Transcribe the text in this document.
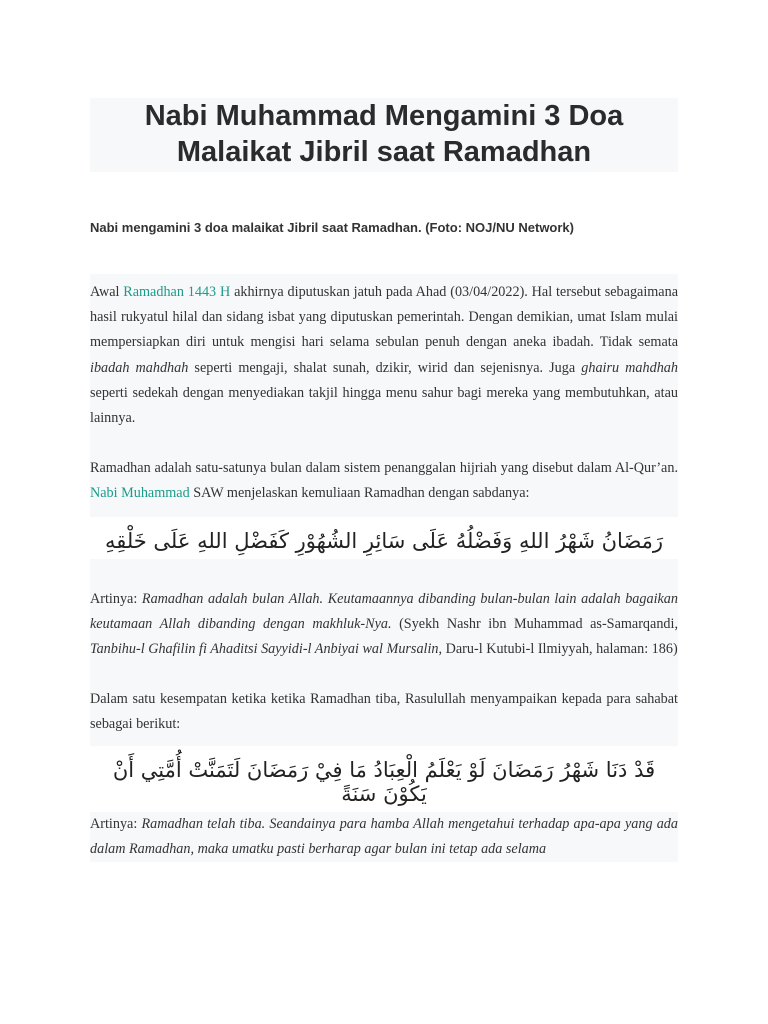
Nabi Muhammad Mengamini 3 Doa Malaikat Jibril saat Ramadhan
Nabi mengamini 3 doa malaikat Jibril saat Ramadhan. (Foto: NOJ/NU Network)

Awal Ramadhan 1443 H akhirnya diputuskan jatuh pada Ahad (03/04/2022). Hal tersebut sebagaimana hasil rukyatul hilal dan sidang isbat yang diputuskan pemerintah. Dengan demikian, umat Islam mulai mempersiapkan diri untuk mengisi hari selama sebulan penuh dengan aneka ibadah. Tidak semata ibadah mahdhah seperti mengaji, shalat sunah, dzikir, wirid dan sejenisnya. Juga ghairu mahdhah seperti sedekah dengan menyediakan takjil hingga menu sahur bagi mereka yang membutuhkan, atau lainnya.

Ramadhan adalah satu-satunya bulan dalam sistem penanggalan hijriah yang disebut dalam Al-Qur’an. Nabi Muhammad SAW menjelaskan kemuliaan Ramadhan dengan sabdanya:

رَمَضَانُ شَهْرُ اللهِ وَفَضْلُهُ عَلَى سَائِرِ الشُهُوْرِ كَفَضْلِ اللهِ عَلَى خَلْقِهِ

Artinya: Ramadhan adalah bulan Allah. Keutamaannya dibanding bulan-bulan lain adalah bagaikan keutamaan Allah dibanding dengan makhluk-Nya. (Syekh Nashr ibn Muhammad as-Samarqandi, Tanbihu-l Ghafilin fi Ahaditsi Sayyidi-l Anbiyai wal Mursalin, Daru-l Kutubi-l Ilmiyyah, halaman: 186)

Dalam satu kesempatan ketika ketika Ramadhan tiba, Rasulullah menyampaikan kepada para sahabat sebagai berikut:

قَدْ دَنَا شَهْرُ رَمَضَانَ لَوْ يَعْلَمُ الْعِبَادُ مَا فِيْ رَمَضَانَ لَتَمَنَّتْ أُمَّتِي أَنْ يَكُوْنَ سَنَةً

Artinya: Ramadhan telah tiba. Seandainya para hamba Allah mengetahui terhadap apa-apa yang ada dalam Ramadhan, maka umatku pasti berharap agar bulan ini tetap ada selama
